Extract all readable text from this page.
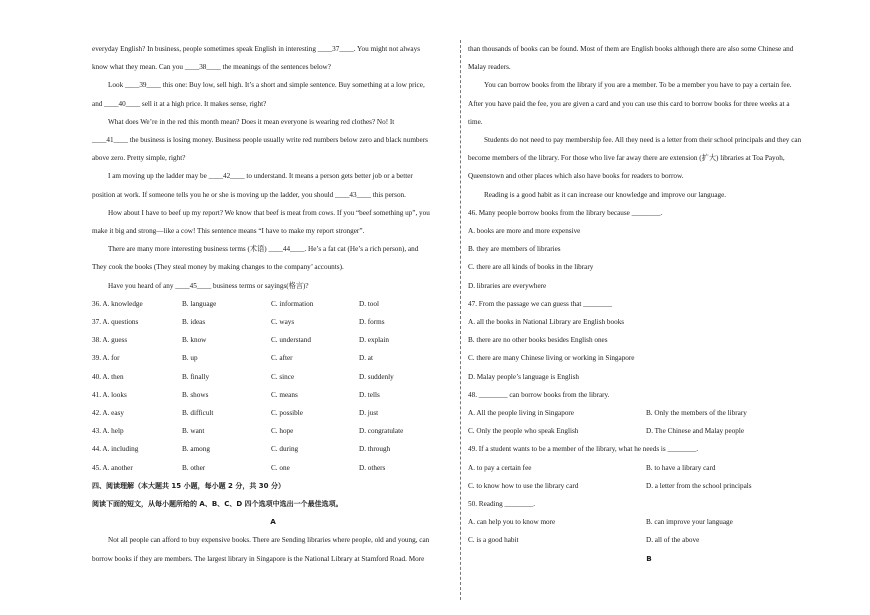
everyday English? In business, people sometimes speak English in interesting ____37____. You might not always

know what they mean. Can you ____38____ the meanings of the sentences below?

Look ____39____ this one: Buy low, sell high. It’s a short and simple sentence. Buy something at a low price,

and ____40____ sell it at a high price. It makes sense, right?

What does We’re in the red this month mean? Does it mean everyone is wearing red clothes? No! It

____41____ the business is losing money. Business people usually write red numbers below zero and black numbers

above zero. Pretty simple, right?

I am moving up the ladder may be ____42____ to understand. It means a person gets better job or a better

position at work. If someone tells you he or she is moving up the ladder, you should ____43____ this person.

How about I have to beef up my report? We know that beef is meat from cows. If you “beef something up”, you

make it big and strong—like a cow! This sentence means “I have to make my report stronger”.

There are many more interesting business terms (术语) ____44____. He’s a fat cat (He’s a rich person), and

They cook the books (They steal money by making changes to the company’ accounts).

Have you heard of any ____45____ business terms or sayings(格言)?

36. A. knowledge	B. language	C. information	D. tool
37. A. questions	B. ideas	C. ways	D. forms
38. A. guess	B. know	C. understand	D. explain
39. A. for	B. up	C. after	D. at
40. A. then	B. finally	C. since	D. suddenly
41. A. looks	B. shows	C. means	D. tells
42. A. easy	B. difficult	C. possible	D. just
43. A. help	B. want	C. hope	D. congratulate
44. A. including	B. among	C. during	D. through
45. A. another	B. other	C. one	D. others

四、阅读理解（本大题共 15 小题，每小题 2 分，共 30 分）

阅读下面的短文，从每小题所给的 A、B、C、D 四个选项中选出一个最佳选项。

A

Not all people can afford to buy expensive books. There are Sending libraries where people, old and young, can

borrow books if they are members. The largest library in Singapore is the National Library at Stamford Road. More

than thousands of books can be found. Most of them are English books although there are also some Chinese and

Malay readers.

You can borrow books from the library if you are a member. To be a member you have to pay a certain fee.

After you have paid the fee, you are given a card and you can use this card to borrow books for three weeks at a

time.

Students do not need to pay membership fee. All they need is a letter from their school principals and they can

become members of the library. For those who live far away there are extension (扩大) libraries at Toa Payoh,

Queenstown and other places which also have books for readers to borrow.

Reading is a good habit as it can increase our knowledge and improve our language.

46. Many people borrow books from the library because ________.

A. books are more and more expensive

B. they are members of libraries

C. there are all kinds of books in the library

D. libraries are everywhere

47. From the passage we can guess that ________

A. all the books in National Library are English books

B. there are no other books besides English ones

C. there are many Chinese living or working in Singapore

D. Malay people’s language is English

48. ________ can borrow books from the library.

A. All the people living in Singapore	B. Only the members of the library
C. Only the people who speak English	D. The Chinese and Malay people

49. If a student wants to be a member of the library, what he needs is ________.

A. to pay a certain fee	B. to have a library card
C. to know how to use the library card	D. a letter from the school principals

50. Reading ________.

A. can help you to know more	B. can improve your language
C. is a good habit	D. all of the above

B
